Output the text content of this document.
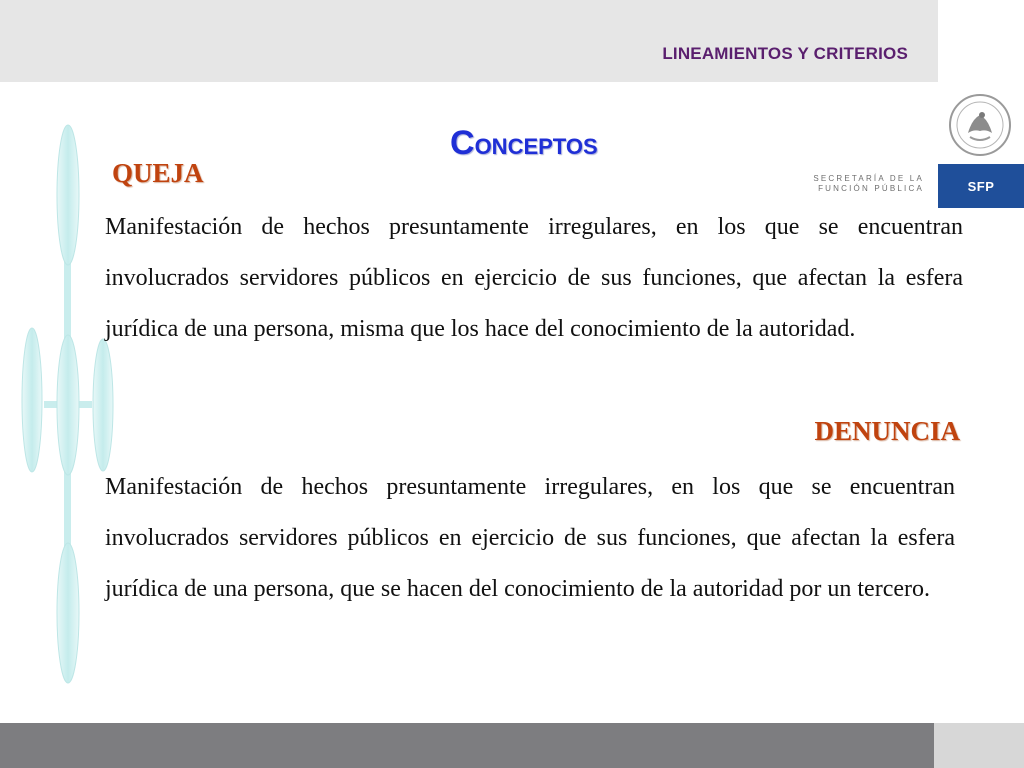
LINEAMIENTOS Y CRITERIOS
SECRETARÍA DE LA
FUNCIÓN PÚBLICA	SFP
CONCEPTOS
QUEJA
Manifestación de hechos presuntamente irregulares, en los que se encuentran involucrados servidores públicos en ejercicio de sus funciones, que afectan la esfera jurídica de una persona, misma que los hace del conocimiento de la autoridad.
DENUNCIA
Manifestación de hechos presuntamente irregulares, en los que se encuentran involucrados servidores públicos en ejercicio de sus funciones, que afectan la esfera jurídica de una persona, que se hacen del conocimiento de la autoridad por un tercero.
